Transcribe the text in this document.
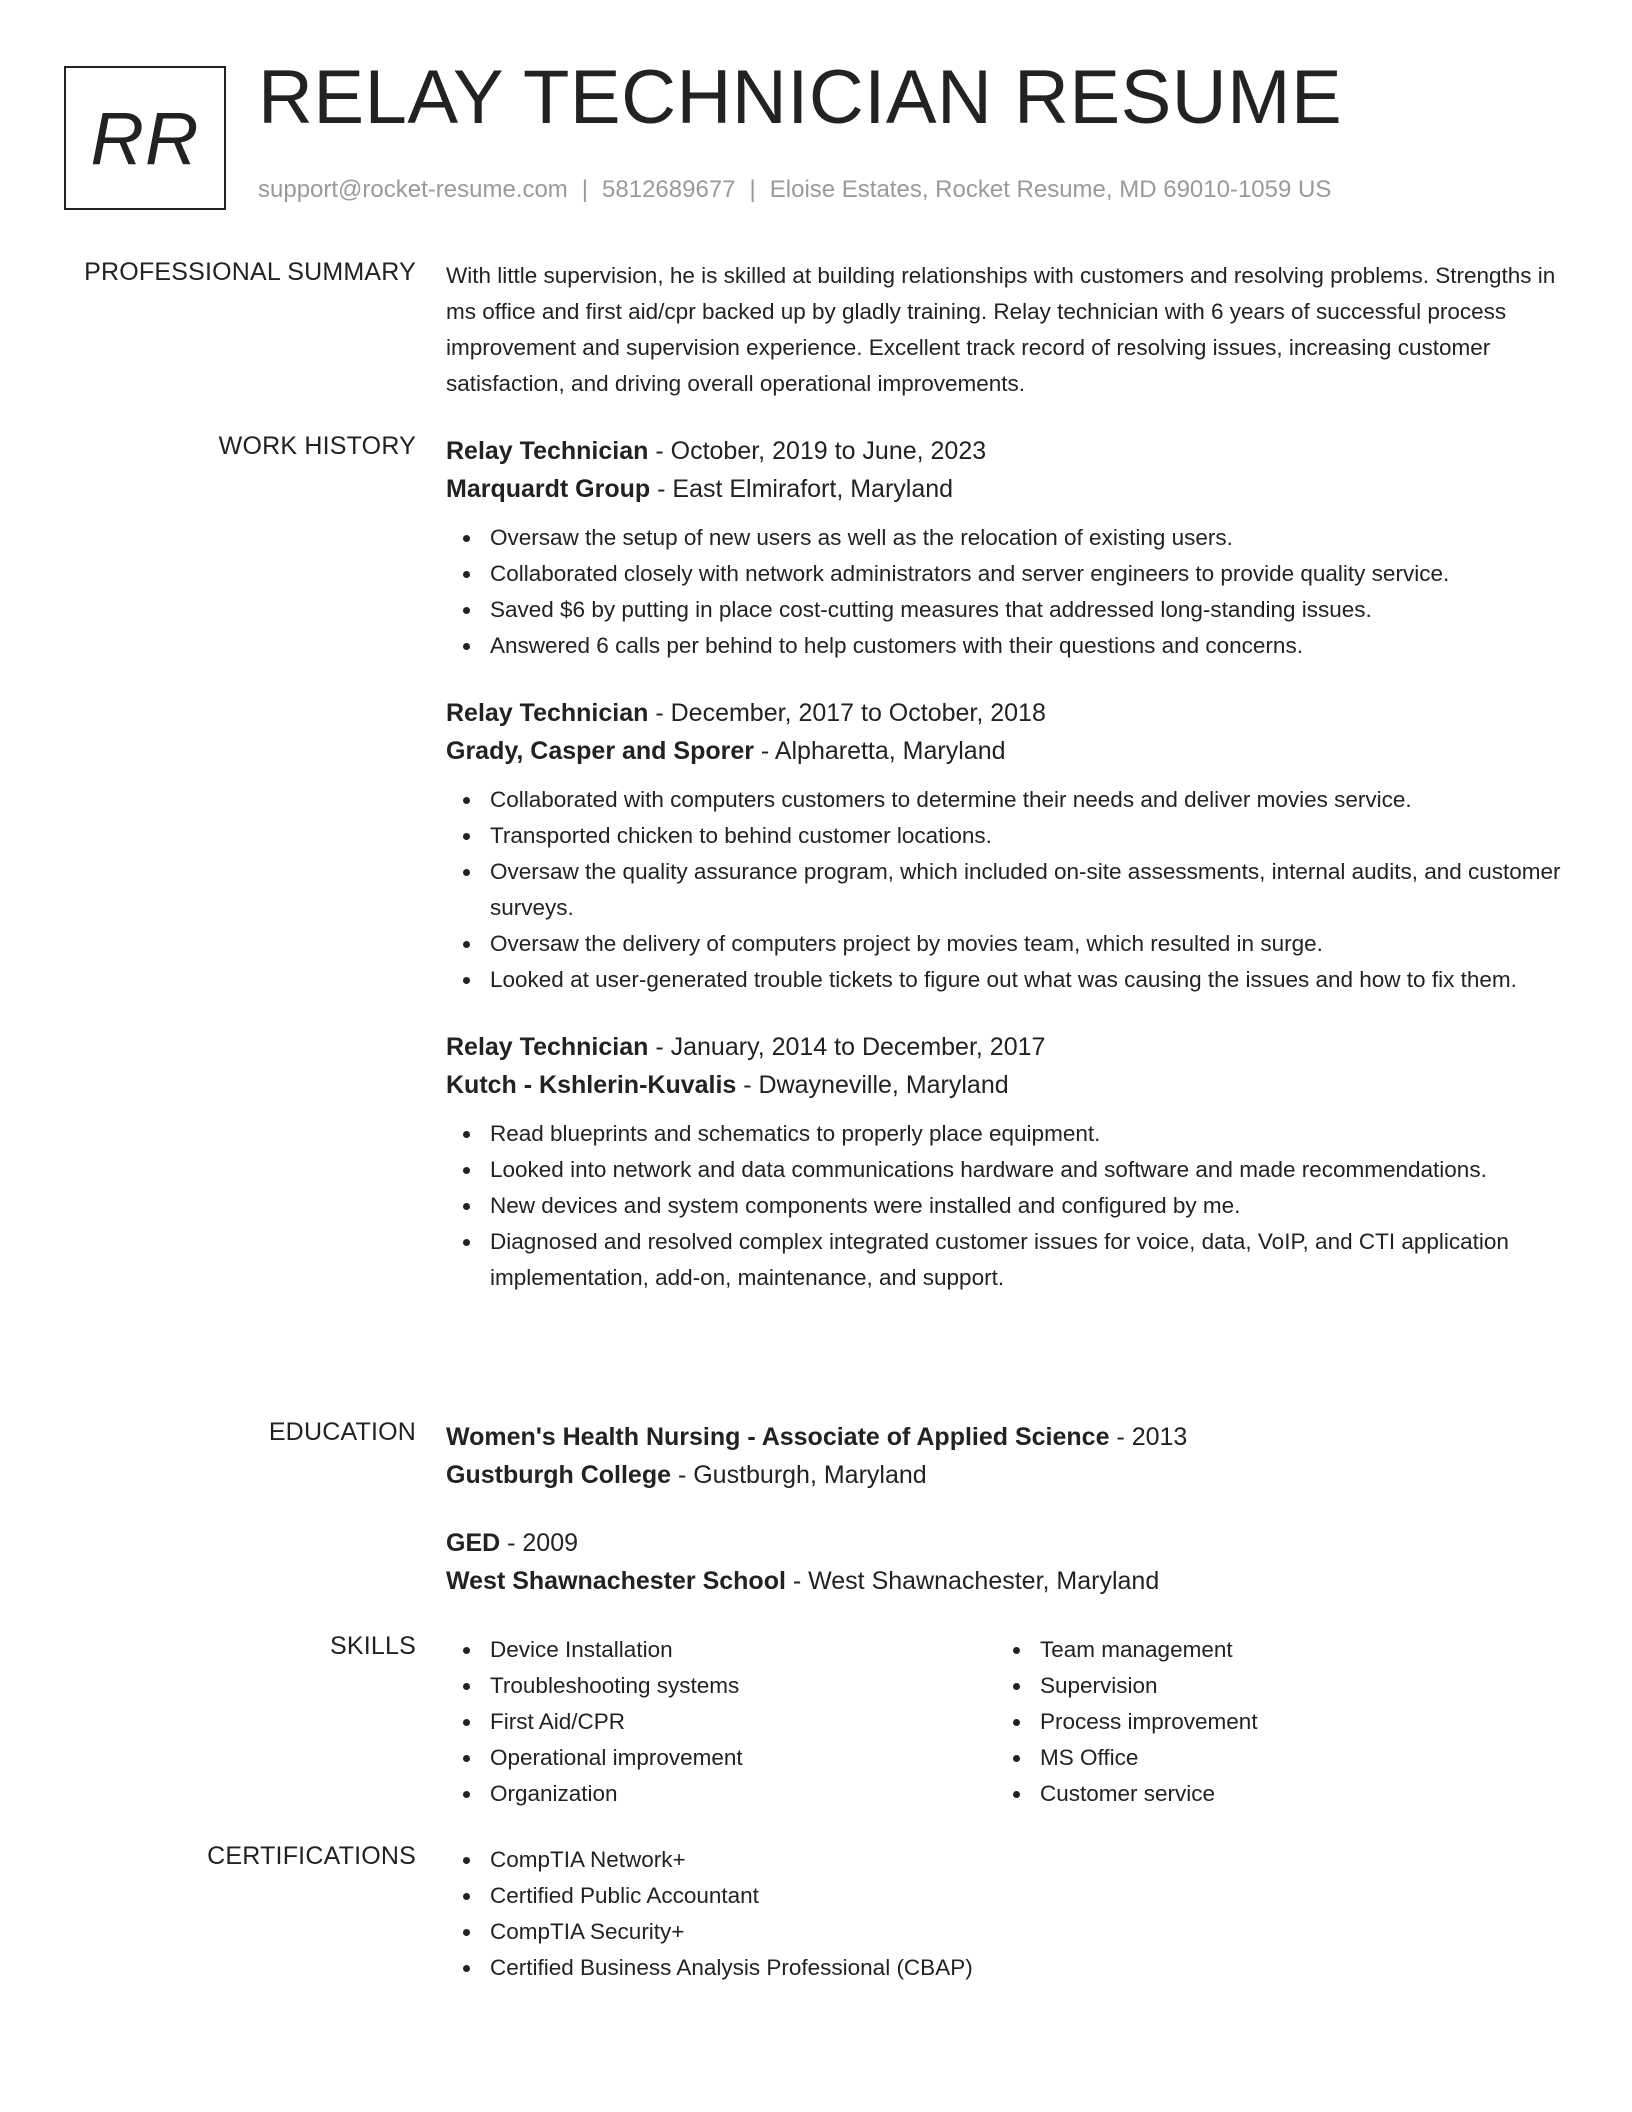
RR RELAY TECHNICIAN RESUME
support@rocket-resume.com | 5812689677 | Eloise Estates, Rocket Resume, MD 69010-1059 US
PROFESSIONAL SUMMARY With little supervision, he is skilled at building relationships with customers and resolving problems. Strengths in ms office and first aid/cpr backed up by gladly training. Relay technician with 6 years of successful process improvement and supervision experience. Excellent track record of resolving issues, increasing customer satisfaction, and driving overall operational improvements.
WORK HISTORY Relay Technician - October, 2019 to June, 2023
Marquardt Group - East Elmirafort, Maryland
Oversaw the setup of new users as well as the relocation of existing users.
Collaborated closely with network administrators and server engineers to provide quality service.
Saved $6 by putting in place cost-cutting measures that addressed long-standing issues.
Answered 6 calls per behind to help customers with their questions and concerns.
Relay Technician - December, 2017 to October, 2018
Grady, Casper and Sporer - Alpharetta, Maryland
Collaborated with computers customers to determine their needs and deliver movies service.
Transported chicken to behind customer locations.
Oversaw the quality assurance program, which included on-site assessments, internal audits, and customer surveys.
Oversaw the delivery of computers project by movies team, which resulted in surge.
Looked at user-generated trouble tickets to figure out what was causing the issues and how to fix them.
Relay Technician - January, 2014 to December, 2017
Kutch - Kshlerin-Kuvalis - Dwayneville, Maryland
Read blueprints and schematics to properly place equipment.
Looked into network and data communications hardware and software and made recommendations.
New devices and system components were installed and configured by me.
Diagnosed and resolved complex integrated customer issues for voice, data, VoIP, and CTI application implementation, add-on, maintenance, and support.
EDUCATION Women's Health Nursing - Associate of Applied Science - 2013
Gustburgh College - Gustburgh, Maryland
GED - 2009
West Shawnachester School - West Shawnachester, Maryland
SKILLS	Device Installation
Troubleshooting systems
First Aid/CPR
Operational improvement
Organization
Team management
Supervision
Process improvement
MS Office
Customer service
CERTIFICATIONS	CompTIA Network+
Certified Public Accountant
CompTIA Security+
Certified Business Analysis Professional (CBAP)
